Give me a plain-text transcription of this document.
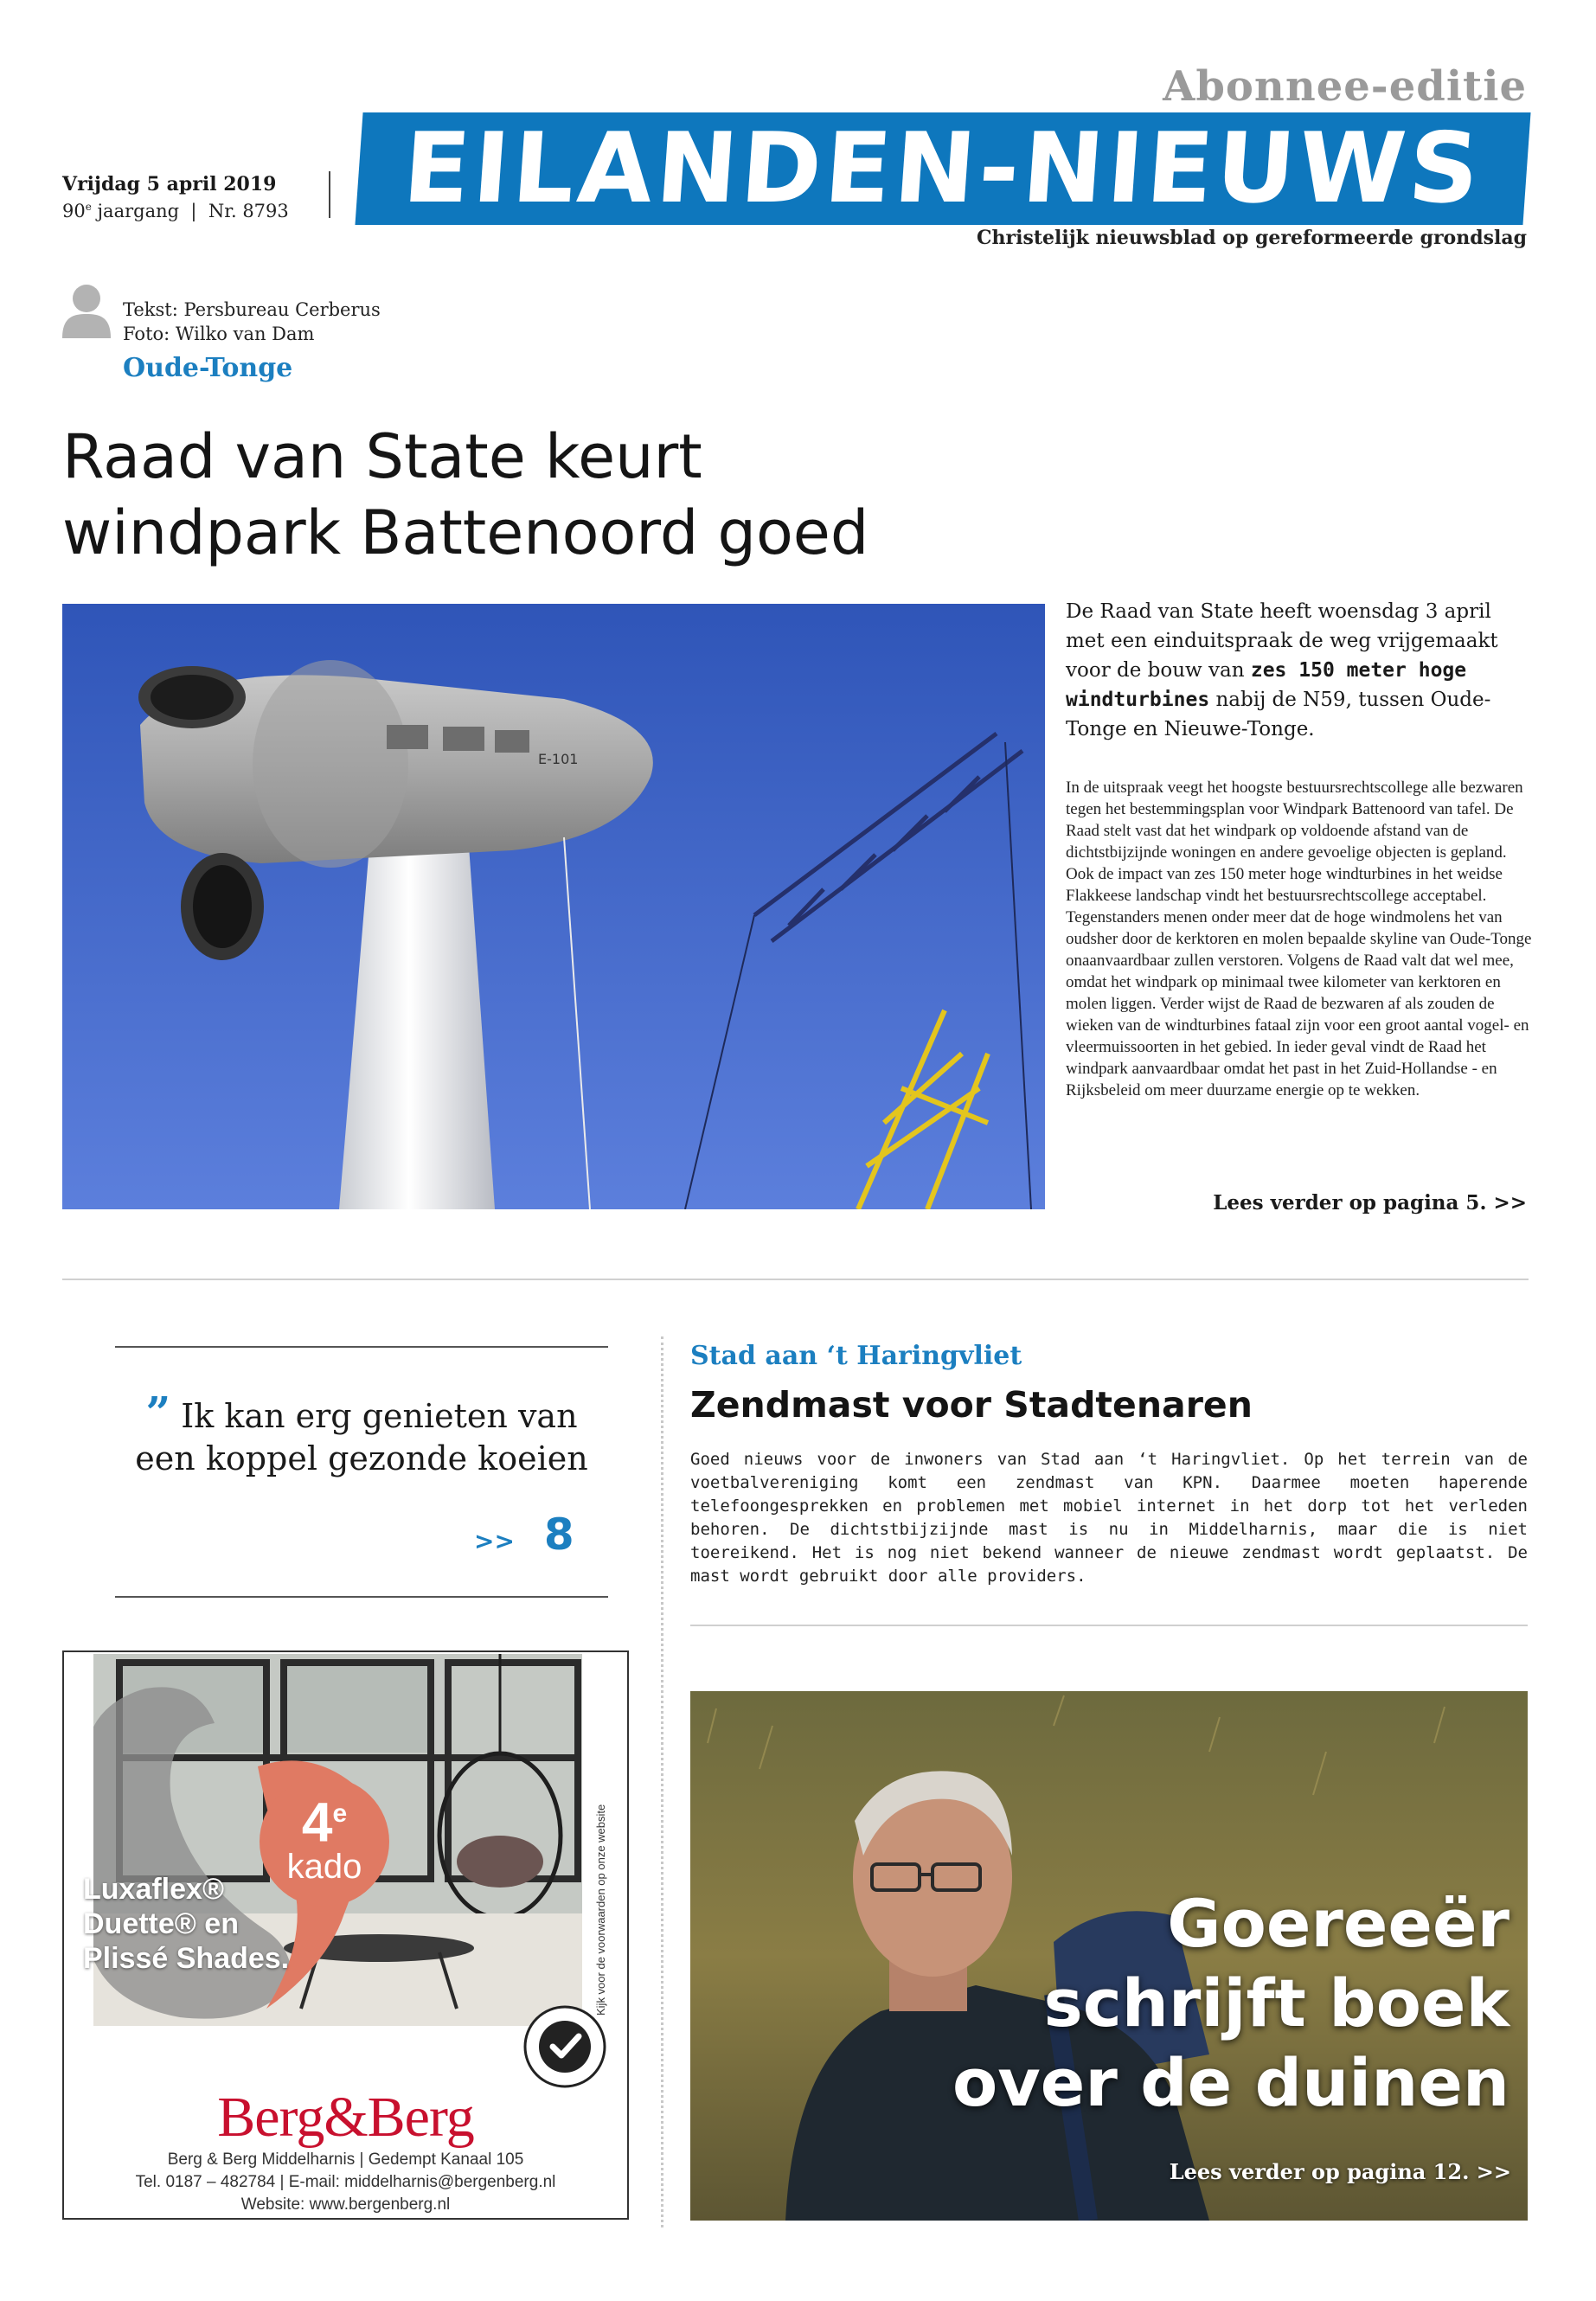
Abonnee-editie
EILANDEN-NIEUWS
Christelijk nieuwsblad op gereformeerde grondslag
Vrijdag 5 april 2019
90e jaargang | Nr. 8793
Tekst: Persbureau Cerberus
Foto: Wilko van Dam
Oude-Tonge
Raad van State keurt
windpark Battenoord goed
E-101
De Raad van State heeft woensdag 3 april met een einduitspraak de weg vrijgemaakt voor de bouw van zes 150 meter hoge windturbines nabij de N59, tussen Oude-Tonge en Nieuwe-Tonge.
In de uitspraak veegt het hoogste bestuursrechtscollege alle bezwaren tegen het bestemmingsplan voor Windpark Battenoord van tafel. De Raad stelt vast dat het windpark op voldoende afstand van de dichtstbijzijnde woningen en andere gevoelige objecten is gepland. Ook de impact van zes 150 meter hoge windturbines in het weidse Flakkeese landschap vindt het bestuursrechtscollege acceptabel. Tegenstanders menen onder meer dat de hoge windmolens het van oudsher door de kerktoren en molen bepaalde skyline van Oude-Tonge onaanvaardbaar zullen verstoren. Volgens de Raad valt dat wel mee, omdat het windpark op minimaal twee kilometer van kerktoren en molen liggen. Verder wijst de Raad de bezwaren af als zouden de wieken van de windturbines fataal zijn voor een groot aantal vogel- en vleermuissoorten in het gebied. In ieder geval vindt de Raad het windpark aanvaardbaar omdat het past in het Zuid-Hollandse - en Rijksbeleid om meer duurzame energie op te wekken.
Lees verder op pagina 5. >>
” Ik kan erg genieten van een koppel gezonde koeien
>> 8
Stad aan ‘t Haringvliet
Zendmast voor Stadtenaren
Goed nieuws voor de inwoners van Stad aan ‘t Haringvliet. Op het terrein van de voetbalvereniging komt een zendmast van KPN. Daarmee moeten haperende telefoongesprekken en problemen met mobiel internet in het dorp tot het verleden behoren. De dichtstbijzijnde mast is nu in Middelharnis, maar die is niet toereikend. Het is nog niet bekend wanneer de nieuwe zendmast wordt geplaatst. De mast wordt gebruikt door alle providers.
4e
kado
Luxaflex® Duette® en Plissé Shades.	Kijk voor de voorwaarden op onze website
Berg&Berg
Berg & Berg Middelharnis | Gedempt Kanaal 105
Tel. 0187 – 482784 | E-mail: middelharnis@bergenberg.nl
Website: www.bergenberg.nl
Goereeër
schrijft boek
over de duinen
Lees verder op pagina 12. >>
